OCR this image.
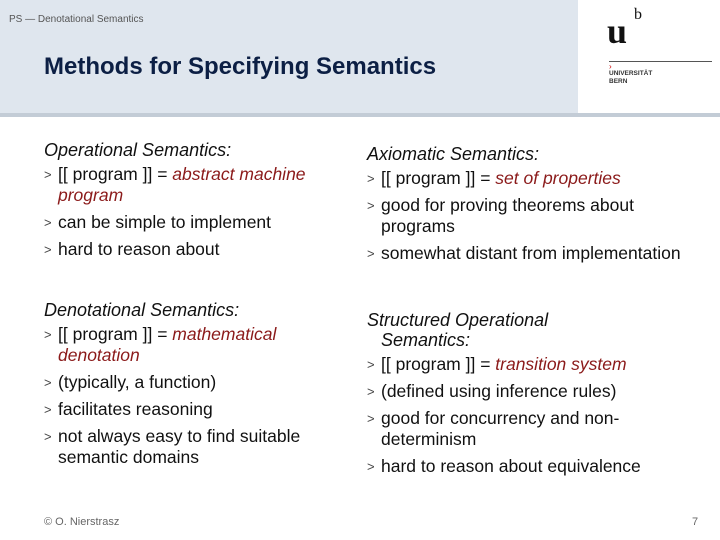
PS — Denotational Semantics
Methods for Specifying Semantics
u b
›
UNIVERSITÄT
BERN

Operational Semantics:

> [[ program ]] = abstract machine program
> can be simple to implement
> hard to reason about

Denotational Semantics:

> [[ program ]] = mathematical denotation
> (typically, a function)
> facilitates reasoning
> not always easy to find suitable semantic domains

Axiomatic Semantics:

> [[ program ]] = set of properties
> good for proving theorems about programs
> somewhat distant from implementation

Structured Operational
Semantics:

> [[ program ]] = transition system
> (defined using inference rules)
> good for concurrency and non-determinism
> hard to reason about equivalence
© O. Nierstrasz	7
